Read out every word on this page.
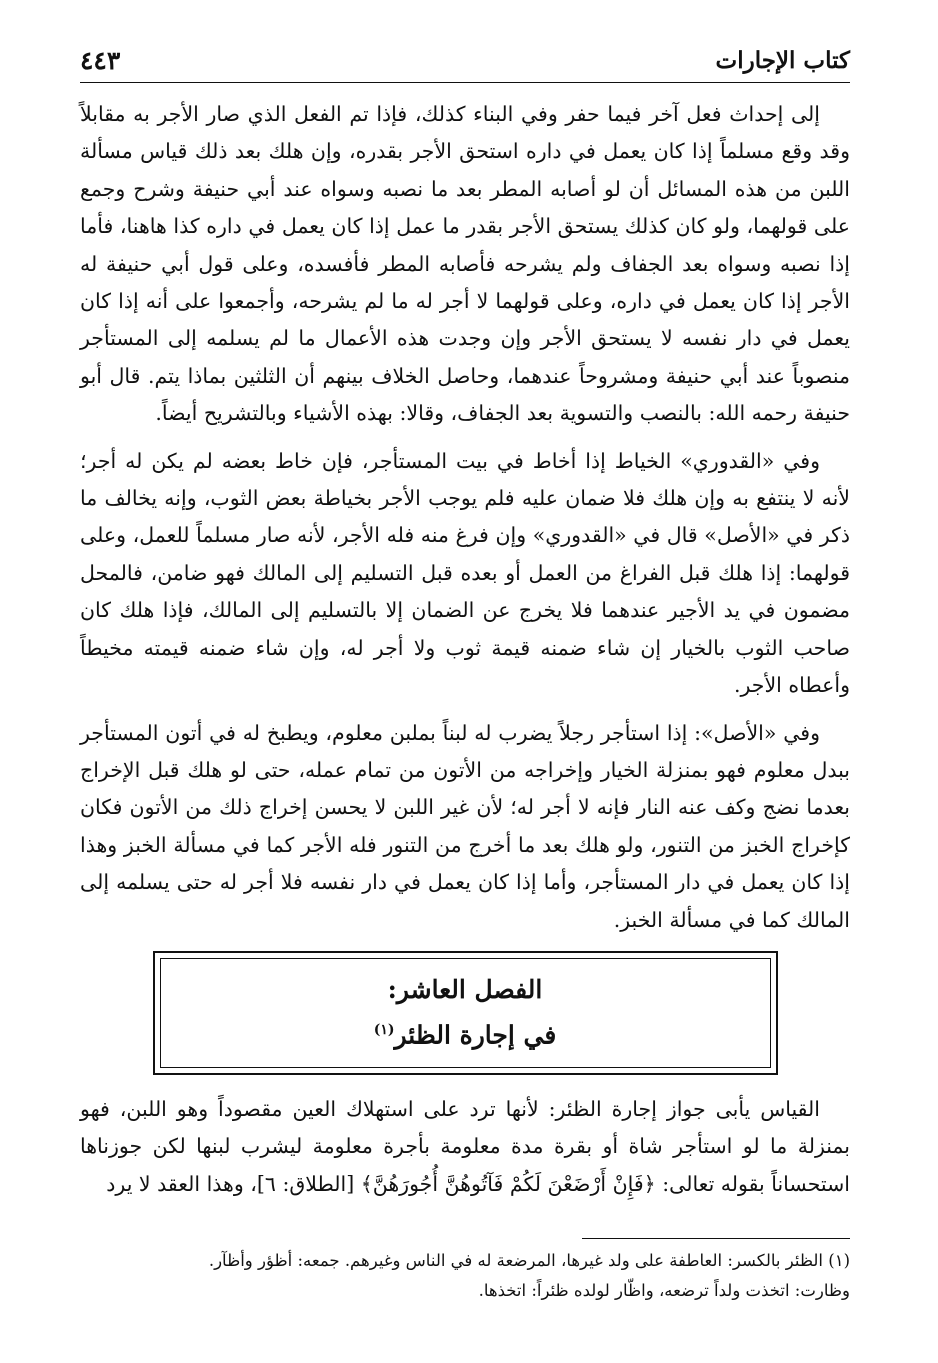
كتاب الإجارات
٤٤٣

إلى إحداث فعل آخر فيما حفر وفي البناء كذلك، فإذا تم الفعل الذي صار الأجر به مقابلاً وقد وقع مسلماً إذا كان يعمل في داره استحق الأجر بقدره، وإن هلك بعد ذلك قياس مسألة اللبن من هذه المسائل أن لو أصابه المطر بعد ما نصبه وسواه عند أبي حنيفة وشرح وجمع على قولهما، ولو كان كذلك يستحق الأجر بقدر ما عمل إذا كان يعمل في داره كذا هاهنا، فأما إذا نصبه وسواه بعد الجفاف ولم يشرحه فأصابه المطر فأفسده، وعلى قول أبي حنيفة له الأجر إذا كان يعمل في داره، وعلى قولهما لا أجر له ما لم يشرحه، وأجمعوا على أنه إذا كان يعمل في دار نفسه لا يستحق الأجر وإن وجدت هذه الأعمال ما لم يسلمه إلى المستأجر منصوباً عند أبي حنيفة ومشروحاً عندهما، وحاصل الخلاف بينهم أن الثلثين بماذا يتم. قال أبو حنيفة رحمه الله: بالنصب والتسوية بعد الجفاف، وقالا: بهذه الأشياء وبالتشريح أيضاً.

وفي «القدوري» الخياط إذا أخاط في بيت المستأجر، فإن خاط بعضه لم يكن له أجر؛ لأنه لا ينتفع به وإن هلك فلا ضمان عليه فلم يوجب الأجر بخياطة بعض الثوب، وإنه يخالف ما ذكر في «الأصل» قال في «القدوري» وإن فرغ منه فله الأجر، لأنه صار مسلماً للعمل، وعلى قولهما: إذا هلك قبل الفراغ من العمل أو بعده قبل التسليم إلى المالك فهو ضامن، فالمحل مضمون في يد الأجير عندهما فلا يخرج عن الضمان إلا بالتسليم إلى المالك، فإذا هلك كان صاحب الثوب بالخيار إن شاء ضمنه قيمة ثوب ولا أجر له، وإن شاء ضمنه قيمته مخيطاً وأعطاه الأجر.

وفي «الأصل»: إذا استأجر رجلاً يضرب له لبناً بملبن معلوم، ويطبخ له في أتون المستأجر ببدل معلوم فهو بمنزلة الخيار وإخراجه من الأتون من تمام عمله، حتى لو هلك قبل الإخراج بعدما نضج وكف عنه النار فإنه لا أجر له؛ لأن غير اللبن لا يحسن إخراج ذلك من الأتون فكان كإخراج الخبز من التنور، ولو هلك بعد ما أخرج من التنور فله الأجر كما في مسألة الخبز وهذا إذا كان يعمل في دار المستأجر، وأما إذا كان يعمل في دار نفسه فلا أجر له حتى يسلمه إلى المالك كما في مسألة الخبز.

الفصل العاشر:
في إجارة الظئر$^{(١)}$

القياس يأبى جواز إجارة الظئر: لأنها ترد على استهلاك العين مقصوداً وهو اللبن، فهو بمنزلة ما لو استأجر شاة أو بقرة مدة معلومة بأجرة معلومة ليشرب لبنها لكن جوزناها استحساناً بقوله تعالى: ﴿فَإِنْ أَرْضَعْنَ لَكُمْ فَآتُوهُنَّ أُجُورَهُنَّ﴾ [الطلاق: ٦]، وهذا العقد لا يرد

(١) الظئر بالكسر: العاطفة على ولد غيرها، المرضعة له في الناس وغيرهم. جمعه: أظؤر وأظآر.

وظارت: اتخذت ولداً ترضعه، واظّار لولده ظئراً: اتخذها.
